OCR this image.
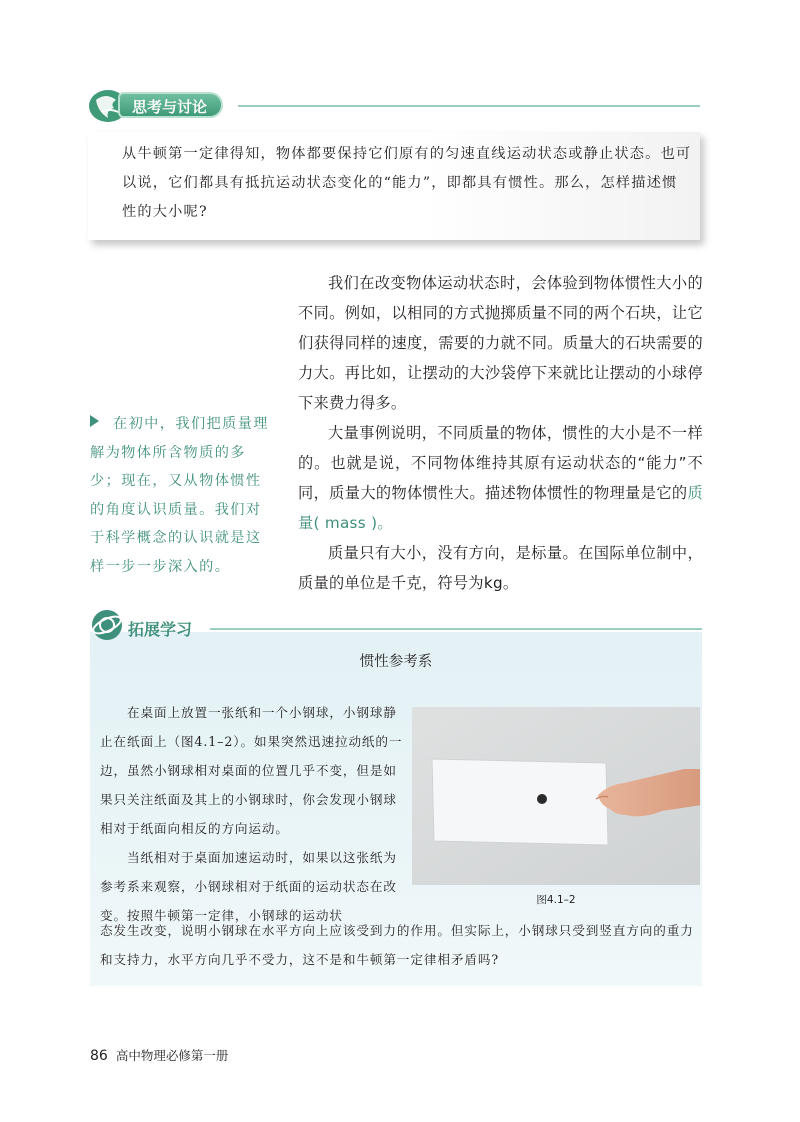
思考与讨论
从牛顿第一定律得知，物体都要保持它们原有的匀速直线运动状态或静止状态。也可以说，它们都具有抵抗运动状态变化的“能力”，即都具有惯性。那么，怎样描述惯性的大小呢?

我们在改变物体运动状态时，会体验到物体惯性大小的不同。例如，以相同的方式抛掷质量不同的两个石块，让它们获得同样的速度，需要的力就不同。质量大的石块需要的力大。再比如，让摆动的大沙袋停下来就比让摆动的小球停下来费力得多。

大量事例说明，不同质量的物体，惯性的大小是不一样的。也就是说，不同物体维持其原有运动状态的“能力”不同，质量大的物体惯性大。描述物体惯性的物理量是它的质量( mass )。

质量只有大小，没有方向，是标量。在国际单位制中，质量的单位是千克，符号为kg。

在初中，我们把质量理解为物体所含物质的多少；现在，又从物体惯性的角度认识质量。我们对于科学概念的认识就是这样一步一步深入的。
拓展学习
惯性参考系

在桌面上放置一张纸和一个小钢球，小钢球静止在纸面上（图4.1–2）。如果突然迅速拉动纸的一边，虽然小钢球相对桌面的位置几乎不变，但是如果只关注纸面及其上的小钢球时，你会发现小钢球相对于纸面向相反的方向运动。

当纸相对于桌面加速运动时，如果以这张纸为参考系来观察，小钢球相对于纸面的运动状态在改变。按照牛顿第一定律，小钢球的运动状

图4.1–2
态发生改变，说明小钢球在水平方向上应该受到力的作用。但实际上，小钢球只受到竖直方向的重力和支持力，水平方向几乎不受力，这不是和牛顿第一定律相矛盾吗?
86 高中物理必修第一册
